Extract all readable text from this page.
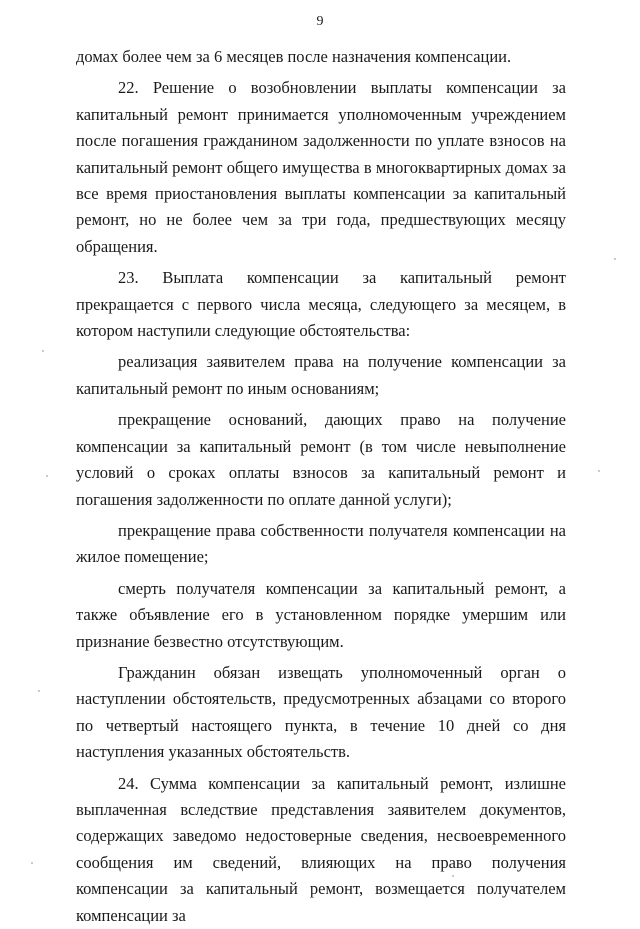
9

домах более чем за 6 месяцев после назначения компенсации.

22. Решение о возобновлении выплаты компенсации за капитальный ремонт принимается уполномоченным учреждением после погашения гражданином задолженности по уплате взносов на капитальный ремонт общего имущества в многоквартирных домах за все время приостановления выплаты компенсации за капитальный ремонт, но не более чем за три года, предшествующих месяцу обращения.

23. Выплата компенсации за капитальный ремонт прекращается с первого числа месяца, следующего за месяцем, в котором наступили следующие обстоятельства:

реализация заявителем права на получение компенсации за капитальный ремонт по иным основаниям;

прекращение оснований, дающих право на получение компенсации за капитальный ремонт (в том числе невыполнение условий о сроках оплаты взносов за капитальный ремонт и погашения задолженности по оплате данной услуги);

прекращение права собственности получателя компенсации на жилое помещение;

смерть получателя компенсации за капитальный ремонт, а также объявление его в установленном порядке умершим или признание безвестно отсутствующим.

Гражданин обязан извещать уполномоченный орган о наступлении обстоятельств, предусмотренных абзацами со второго по четвертый настоящего пункта, в течение 10 дней со дня наступления указанных обстоятельств.

24. Сумма компенсации за капитальный ремонт, излишне выплаченная вследствие представления заявителем документов, содержащих заведомо недостоверные сведения, несвоевременного сообщения им сведений, влияющих на право получения компенсации за капитальный ремонт, возмещается получателем компенсации за
